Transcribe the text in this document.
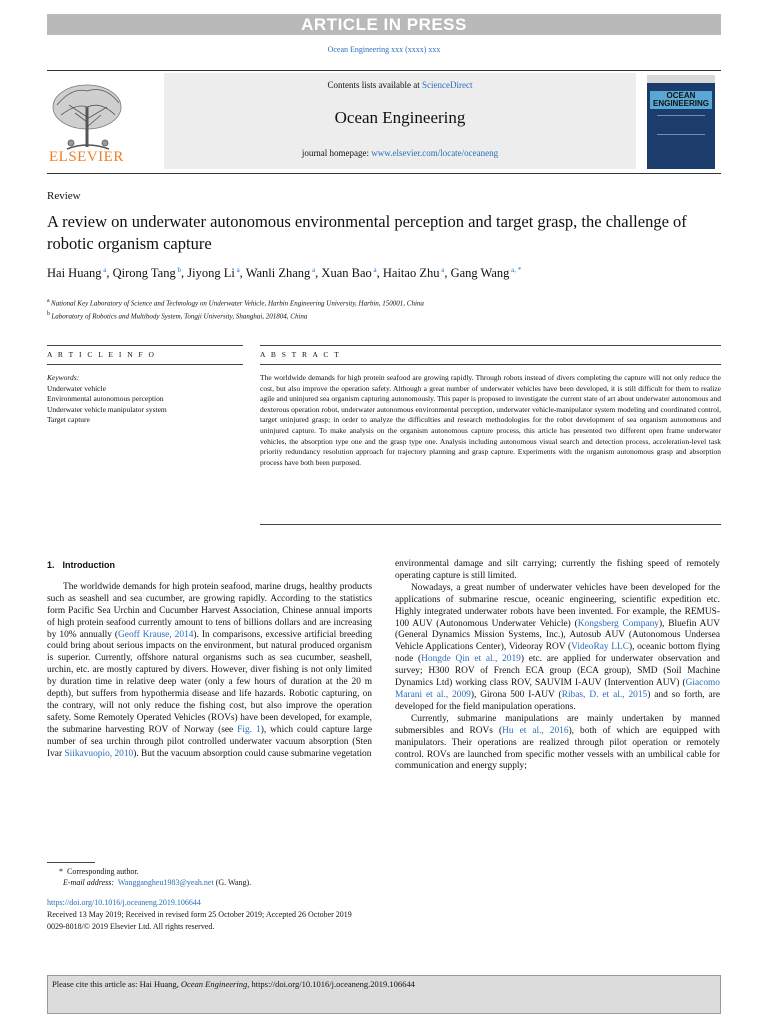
ARTICLE IN PRESS
Ocean Engineering xxx (xxxx) xxx
ELSEVIER
Contents lists available at ScienceDirect
Ocean Engineering
journal homepage: www.elsevier.com/locate/oceaneng
OCEAN ENGINEERING
Review
A review on underwater autonomous environmental perception and target grasp, the challenge of robotic organism capture
Hai Huang $^a$, Qirong Tang $^b$, Jiyong Li $^a$, Wanli Zhang $^a$, Xuan Bao $^a$, Haitao Zhu $^a$, Gang Wang $^{a, *}$
$^a$ National Key Laboratory of Science and Technology on Underwater Vehicle, Harbin Engineering University, Harbin, 150001, China
$^b$ Laboratory of Robotics and Multibody System, Tongji University, Shanghai, 201804, China
A R T I C L E I N F O	A B S T R A C T
Keywords:
Underwater vehicle
Environmental autonomous perception
Underwater vehicle manipulator system
Target capture
The worldwide demands for high protein seafood are growing rapidly. Through robots instead of divers completing the capture will not only reduce the cost, but also improve the operation safety. Although a great number of underwater vehicles have been developed, it is still difficult for them to realize agile and uninjured sea organism capturing autonomously. This paper is proposed to investigate the current state of art about underwater autonomous and dexterous operation robot, underwater autonomous environmental perception, underwater vehicle-manipulator system modeling and coordinated control, target uninjured grasp; in order to analyze the difficulties and research methodologies for the robot development of sea organism autonomous and uninjured capture. To make analysis on the organism autonomous capture process, this article has presented two different open frame underwater vehicles, the absorption type one and the grasp type one. Analysis including autonomous visual search and detection process, acceleration-level task priority redundancy resolution approach for trajectory planning and grasp capture. Experiments with the organism autonomous grasp and absorption process have both been purposed.
1. Introduction

The worldwide demands for high protein seafood, marine drugs, healthy products such as seashell and sea cucumber, are growing rapidly. According to the statistics form Pacific Sea Urchin and Cucumber Harvest Association, Chinese annual imports of high protein seafood currently amount to tens of billions dollars and are increasing by 10% annually (Geoff Krause, 2014). In comparisons, excessive artificial breeding could bring about serious impacts on the environment, but natural produced organism is superior. Currently, offshore natural organisms such as sea cucumber, seashell, urchin, etc. are mostly captured by divers. However, diver fishing is not only limited by duration time in relative deep water (only a few hours of duration at the 20 m depth), but suffers from hypothermia disease and life hazards. Robotic capturing, on the contrary, will not only reduce the fishing cost, but also improve the operation safety. Some Remotely Operated Vehicles (ROVs) have been developed, for example, the submarine harvesting ROV of Norway (see Fig. 1), which could capture large number of sea urchin through pilot controlled underwater vacuum absorption (Sten Ivar Siikavuopio, 2010). But the vacuum absorption could cause submarine vegetation

environmental damage and silt carrying; currently the fishing speed of remotely operating capture is still limited.

Nowadays, a great number of underwater vehicles have been developed for the applications of submarine rescue, oceanic engineering, scientific expedition etc. Highly integrated underwater robots have been invented. For example, the REMUS-100 AUV (Autonomous Underwater Vehicle) (Kongsberg Company), Bluefin AUV (General Dynamics Mission Systems, Inc.), Autosub AUV (Autonomous Undersea Vehicle Applications Center), Videoray ROV (VideoRay LLC), oceanic bottom flying node (Hongde Qin et al., 2019) etc. are applied for underwater observation and survey; H300 ROV of French ECA group (ECA group), SMD (Soil Machine Dynamics Ltd) working class ROV, SAUVIM I-AUV (Intervention AUV) (Giacomo Marani et al., 2009), Girona 500 I-AUV (Ribas, D. et al., 2015) and so forth, are developed for the field manipulation operations.

Currently, submarine manipulations are mainly undertaken by manned submersibles and ROVs (Hu et al., 2016), both of which are equipped with manipulators. Their operations are realized through pilot operation or remotely control. ROVs are launched from specific mother vessels with an umbilical cable for communication and energy supply;

* Corresponding author.
E-mail address: Wanggangheu1983@yeah.net (G. Wang).
https://doi.org/10.1016/j.oceaneng.2019.106644
Received 13 May 2019; Received in revised form 25 October 2019; Accepted 26 October 2019
0029-8018/© 2019 Elsevier Ltd. All rights reserved.
Please cite this article as: Hai Huang, Ocean Engineering, https://doi.org/10.1016/j.oceaneng.2019.106644
